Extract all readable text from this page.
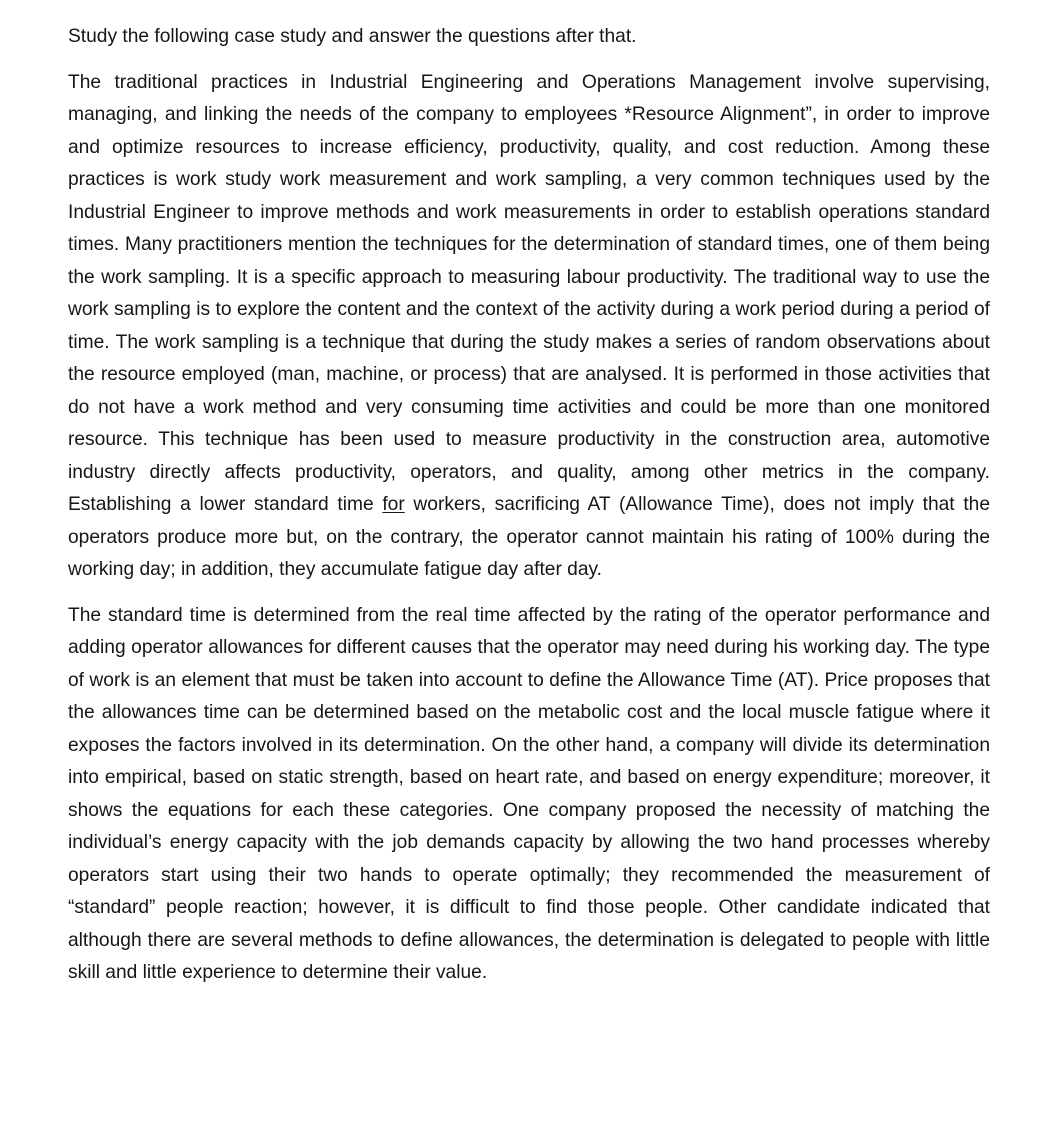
Study the following case study and answer the questions after that.

The traditional practices in Industrial Engineering and Operations Management involve supervising, managing, and linking the needs of the company to employees *Resource Alignment”, in order to improve and optimize resources to increase efficiency, productivity, quality, and cost reduction. Among these practices is work study work measurement and work sampling, a very common techniques used by the Industrial Engineer to improve methods and work measurements in order to establish operations standard times. Many practitioners mention the techniques for the determination of standard times, one of them being the work sampling. It is a specific approach to measuring labour productivity. The traditional way to use the work sampling is to explore the content and the context of the activity during a work period during a period of time. The work sampling is a technique that during the study makes a series of random observations about the resource employed (man, machine, or process) that are analysed. It is performed in those activities that do not have a work method and very consuming time activities and could be more than one monitored resource. This technique has been used to measure productivity in the construction area, automotive industry directly affects productivity, operators, and quality, among other metrics in the company. Establishing a lower standard time for workers, sacrificing AT (Allowance Time), does not imply that the operators produce more but, on the contrary, the operator cannot maintain his rating of 100% during the working day; in addition, they accumulate fatigue day after day.

The standard time is determined from the real time affected by the rating of the operator performance and adding operator allowances for different causes that the operator may need during his working day. The type of work is an element that must be taken into account to define the Allowance Time (AT). Price proposes that the allowances time can be determined based on the metabolic cost and the local muscle fatigue where it exposes the factors involved in its determination. On the other hand, a company will divide its determination into empirical, based on static strength, based on heart rate, and based on energy expenditure; moreover, it shows the equations for each these categories. One company proposed the necessity of matching the individual’s energy capacity with the job demands capacity by allowing the two hand processes whereby operators start using their two hands to operate optimally; they recommended the measurement of “standard” people reaction; however, it is difficult to find those people. Other candidate indicated that although there are several methods to define allowances, the determination is delegated to people with little skill and little experience to determine their value.
